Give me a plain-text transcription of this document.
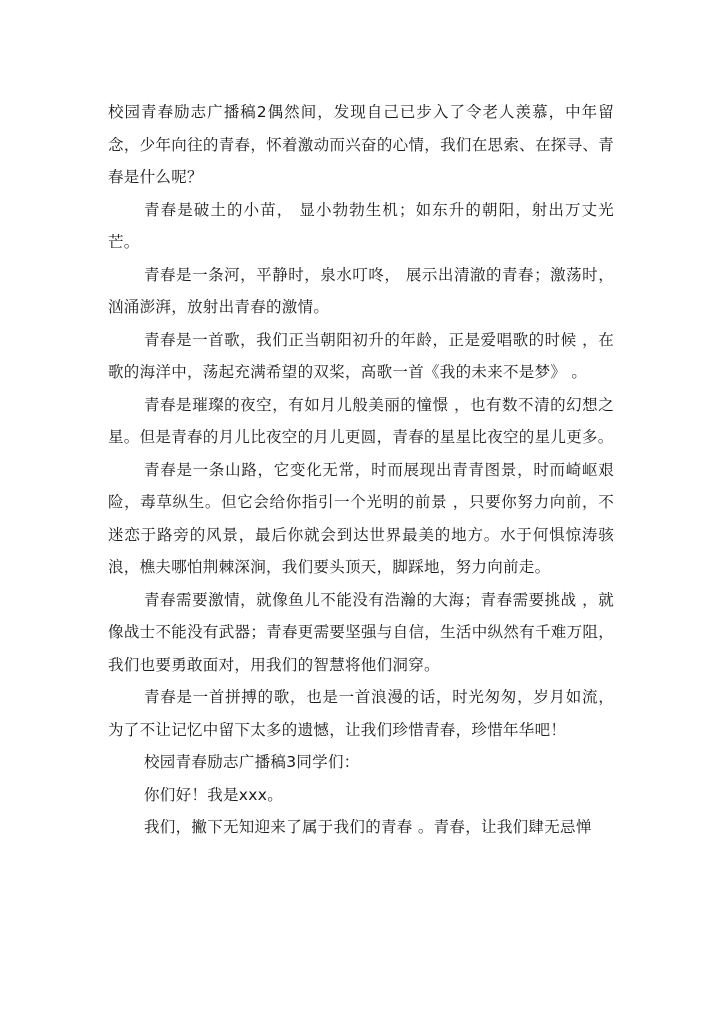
校园青春励志广播稿2偶然间，发现自己已步入了令老人羡慕，中年留念，少年向往的青春，怀着激动而兴奋的心情，我们在思索、在探寻、青春是什么呢？

青春是破土的小苗， 显小勃勃生机；如东升的朝阳，射出万丈光芒。

青春是一条河，平静时，泉水叮咚， 展示出清澈的青春；激荡时，汹涌澎湃，放射出青春的激情。

青春是一首歌，我们正当朝阳初升的年龄，正是爱唱歌的时候 ，在歌的海洋中，荡起充满希望的双桨，高歌一首《我的未来不是梦》 。

青春是璀璨的夜空，有如月儿般美丽的憧憬 ，也有数不清的幻想之星。但是青春的月儿比夜空的月儿更圆，青春的星星比夜空的星儿更多。

青春是一条山路，它变化无常，时而展现出青青图景，时而崎岖艰险，毒草纵生。但它会给你指引一个光明的前景 ，只要你努力向前，不迷恋于路旁的风景，最后你就会到达世界最美的地方。水于何惧惊涛骇浪，樵夫哪怕荆棘深涧，我们要头顶天，脚踩地，努力向前走。

青春需要激情，就像鱼儿不能没有浩瀚的大海；青春需要挑战 ，就像战士不能没有武器；青春更需要坚强与自信，生活中纵然有千难万阻，我们也要勇敢面对，用我们的智慧将他们洞穿。

青春是一首拼搏的歌，也是一首浪漫的话，时光匆匆，岁月如流，为了不让记忆中留下太多的遗憾，让我们珍惜青春，珍惜年华吧！

校园青春励志广播稿3同学们：

你们好！我是xxx。

我们，撇下无知迎来了属于我们的青春 。青春，让我们肆无忌惮
